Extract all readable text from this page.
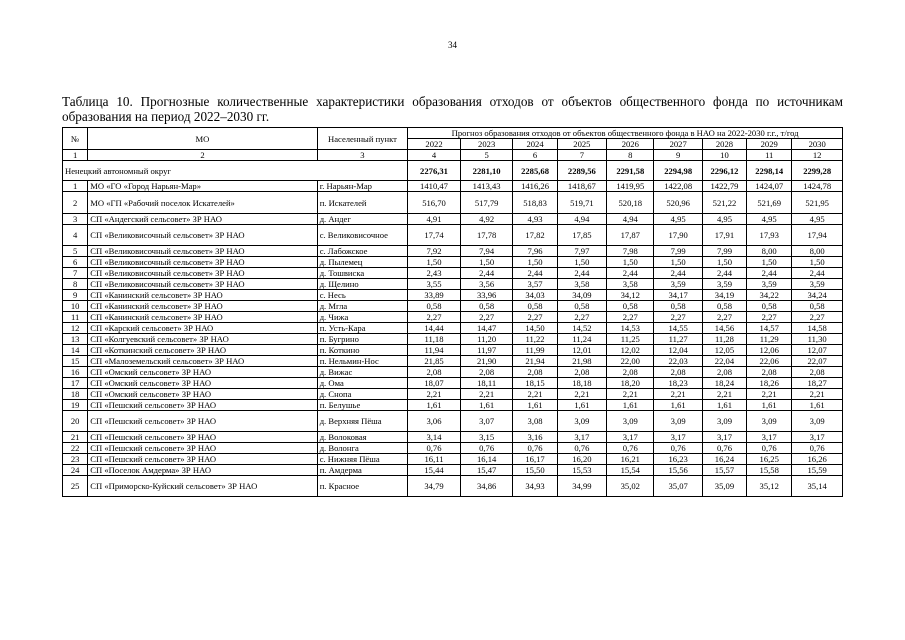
34
Таблица 10. Прогнозные количественные характеристики образования отходов от объектов общественного фонда по источникам образования на период 2022–2030 гг.
№	МО	Населенный пункт	Прогноз образования отходов от объектов общественного фонда в НАО на 2022-2030 г.г., т/год								
			2022	2023	2024	2025	2026	2027	2028	2029	2030
1	2	3	4	5	6	7	8	9	10	11	12
Ненецкий автономный округ			2276,31	2281,10	2285,68	2289,56	2291,58	2294,98	2296,12	2298,14	2299,28
1	МО «ГО «Город Нарьян-Мар»	г. Нарьян-Мар	1410,47	1413,43	1416,26	1418,67	1419,95	1422,08	1422,79	1424,07	1424,78
2	МО «ГП «Рабочий поселок Искателей»	п. Искателей	516,70	517,79	518,83	519,71	520,18	520,96	521,22	521,69	521,95
3	СП «Андегский сельсовет» ЗР НАО	д. Андег	4,91	4,92	4,93	4,94	4,94	4,95	4,95	4,95	4,95
4	СП «Великовисочный сельсовет» ЗР НАО	с. Великовисочное	17,74	17,78	17,82	17,85	17,87	17,90	17,91	17,93	17,94
5	СП «Великовисочный сельсовет» ЗР НАО	с. Лабожское	7,92	7,94	7,96	7,97	7,98	7,99	7,99	8,00	8,00
6	СП «Великовисочный сельсовет» ЗР НАО	д. Пылемец	1,50	1,50	1,50	1,50	1,50	1,50	1,50	1,50	1,50
7	СП «Великовисочный сельсовет» ЗР НАО	д. Тошвиска	2,43	2,44	2,44	2,44	2,44	2,44	2,44	2,44	2,44
8	СП «Великовисочный сельсовет» ЗР НАО	д. Щелино	3,55	3,56	3,57	3,58	3,58	3,59	3,59	3,59	3,59
9	СП «Канинский сельсовет» ЗР НАО	с. Несь	33,89	33,96	34,03	34,09	34,12	34,17	34,19	34,22	34,24
10	СП «Канинский сельсовет» ЗР НАО	д. Мгла	0,58	0,58	0,58	0,58	0,58	0,58	0,58	0,58	0,58
11	СП «Канинский сельсовет» ЗР НАО	д. Чижа	2,27	2,27	2,27	2,27	2,27	2,27	2,27	2,27	2,27
12	СП «Карский сельсовет» ЗР НАО	п. Усть-Кара	14,44	14,47	14,50	14,52	14,53	14,55	14,56	14,57	14,58
13	СП «Колгуевский сельсовет» ЗР НАО	п. Бугрино	11,18	11,20	11,22	11,24	11,25	11,27	11,28	11,29	11,30
14	СП «Коткинский сельсовет» ЗР НАО	п. Коткино	11,94	11,97	11,99	12,01	12,02	12,04	12,05	12,06	12,07
15	СП «Малоземельский сельсовет» ЗР НАО	п. Нельмин-Нос	21,85	21,90	21,94	21,98	22,00	22,03	22,04	22,06	22,07
16	СП «Омский сельсовет» ЗР НАО	д. Вижас	2,08	2,08	2,08	2,08	2,08	2,08	2,08	2,08	2,08
17	СП «Омский сельсовет» ЗР НАО	д. Ома	18,07	18,11	18,15	18,18	18,20	18,23	18,24	18,26	18,27
18	СП «Омский сельсовет» ЗР НАО	д. Снопа	2,21	2,21	2,21	2,21	2,21	2,21	2,21	2,21	2,21
19	СП «Пешский сельсовет» ЗР НАО	п. Белушье	1,61	1,61	1,61	1,61	1,61	1,61	1,61	1,61	1,61
20	СП «Пешский сельсовет» ЗР НАО	д. Верхняя Пёша	3,06	3,07	3,08	3,09	3,09	3,09	3,09	3,09	3,09
21	СП «Пешский сельсовет» ЗР НАО	д. Волоковая	3,14	3,15	3,16	3,17	3,17	3,17	3,17	3,17	3,17
22	СП «Пешский сельсовет» ЗР НАО	д. Волонга	0,76	0,76	0,76	0,76	0,76	0,76	0,76	0,76	0,76
23	СП «Пешский сельсовет» ЗР НАО	с. Нижняя Пёша	16,11	16,14	16,17	16,20	16,21	16,23	16,24	16,25	16,26
24	СП «Поселок Амдерма» ЗР НАО	п. Амдерма	15,44	15,47	15,50	15,53	15,54	15,56	15,57	15,58	15,59
25	СП «Приморско-Куйский сельсовет» ЗР НАО	п. Красное	34,79	34,86	34,93	34,99	35,02	35,07	35,09	35,12	35,14
